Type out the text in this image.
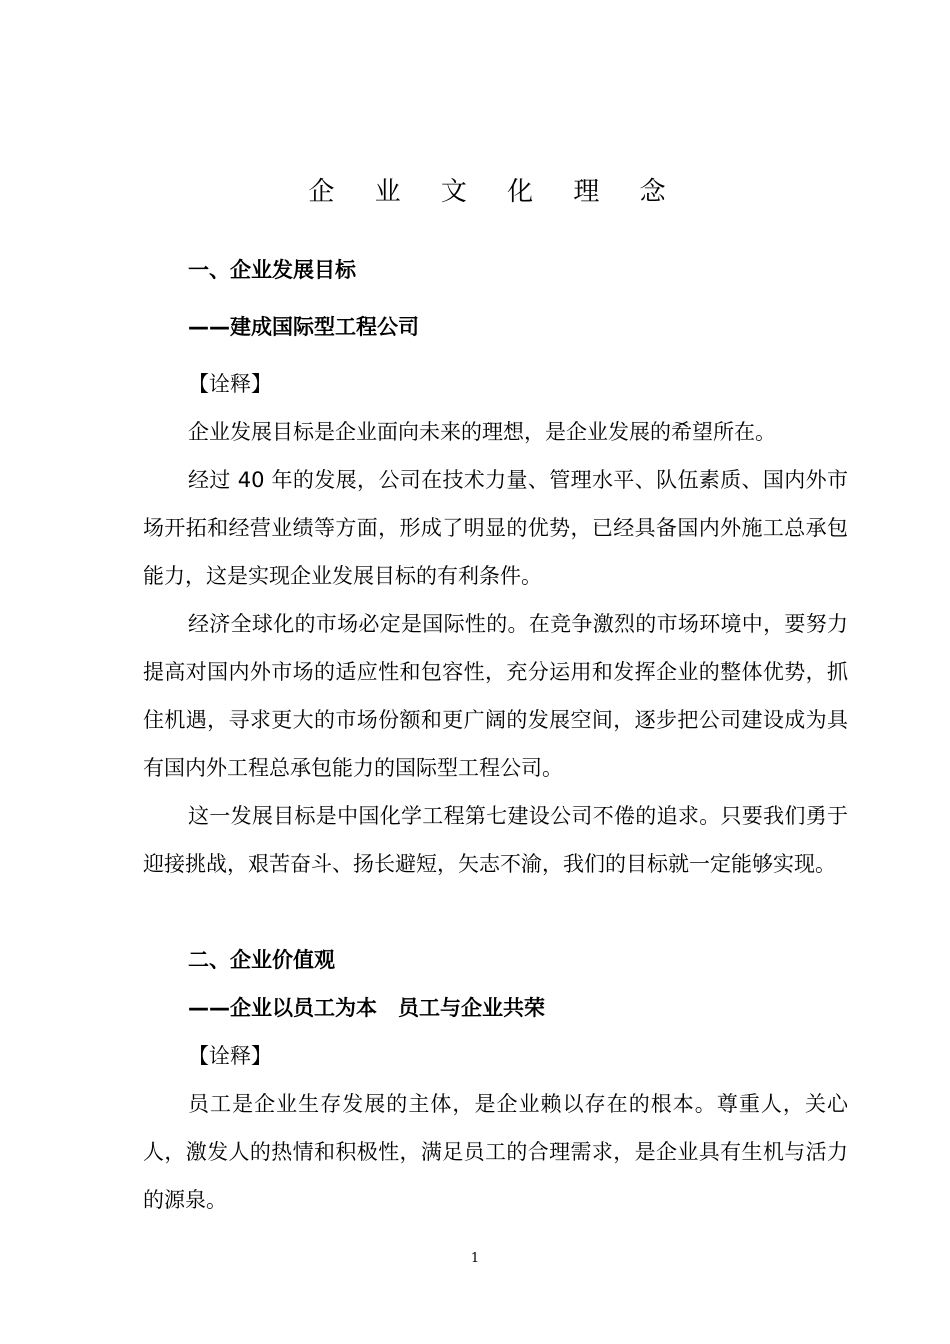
企 业 文 化 理 念
一、企业发展目标
——建成国际型工程公司
【诠释】

企业发展目标是企业面向未来的理想，是企业发展的希望所在。

经过 40 年的发展，公司在技术力量、管理水平、队伍素质、国内外市场开拓和经营业绩等方面，形成了明显的优势，已经具备国内外施工总承包能力，这是实现企业发展目标的有利条件。

经济全球化的市场必定是国际性的。在竞争激烈的市场环境中，要努力提高对国内外市场的适应性和包容性，充分运用和发挥企业的整体优势，抓住机遇，寻求更大的市场份额和更广阔的发展空间，逐步把公司建设成为具有国内外工程总承包能力的国际型工程公司。

这一发展目标是中国化学工程第七建设公司不倦的追求。只要我们勇于迎接挑战，艰苦奋斗、扬长避短，矢志不渝，我们的目标就一定能够实现。

二、企业价值观
——企业以员工为本　员工与企业共荣
【诠释】

员工是企业生存发展的主体，是企业赖以存在的根本。尊重人，关心人，激发人的热情和积极性，满足员工的合理需求，是企业具有生机与活力的源泉。

1
